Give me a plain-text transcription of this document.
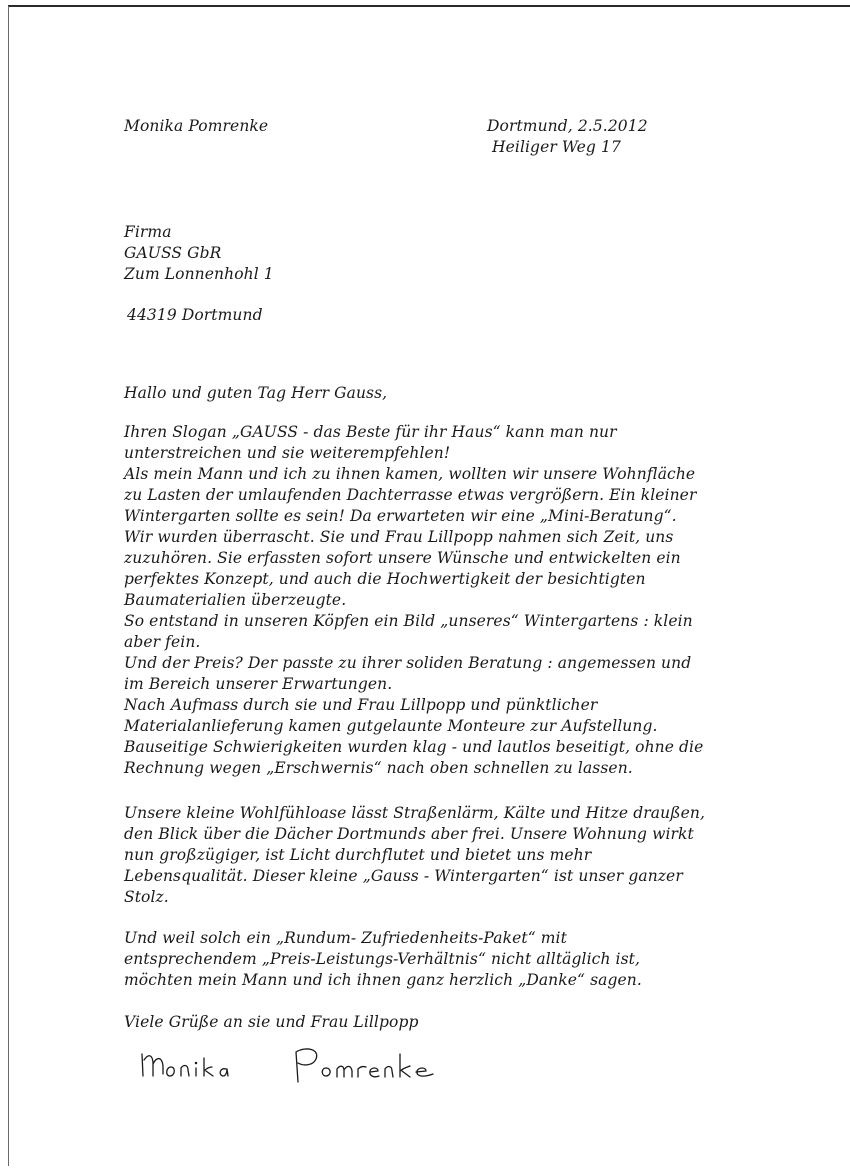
Monika Pomrenke	Dortmund, 2.5.2012
Heiliger Weg 17
Firma
GAUSS GbR
Zum Lonnenhohl 1
44319 Dortmund
Hallo und guten Tag Herr Gauss,
Ihren Slogan „GAUSS - das Beste für ihr Haus“ kann man nur
unterstreichen und sie weiterempfehlen!
Als mein Mann und ich zu ihnen kamen, wollten wir unsere Wohnfläche
zu Lasten der umlaufenden Dachterrasse etwas vergrößern. Ein kleiner
Wintergarten sollte es sein! Da erwarteten wir eine „Mini-Beratung“.
Wir wurden überrascht. Sie und Frau Lillpopp nahmen sich Zeit, uns
zuzuhören. Sie erfassten sofort unsere Wünsche und entwickelten ein
perfektes Konzept, und auch die Hochwertigkeit der besichtigten
Baumaterialien überzeugte.
So entstand in unseren Köpfen ein Bild „unseres“ Wintergartens : klein
aber fein.
Und der Preis? Der passte zu ihrer soliden Beratung : angemessen und
im Bereich unserer Erwartungen.
Nach Aufmass durch sie und Frau Lillpopp und pünktlicher
Materialanlieferung kamen gutgelaunte Monteure zur Aufstellung.
Bauseitige Schwierigkeiten wurden klag - und lautlos beseitigt, ohne die
Rechnung wegen „Erschwernis“ nach oben schnellen zu lassen.
Unsere kleine Wohlfühloase lässt Straßenlärm, Kälte und Hitze draußen,
den Blick über die Dächer Dortmunds aber frei. Unsere Wohnung wirkt
nun großzügiger, ist Licht durchflutet und bietet uns mehr
Lebensqualität. Dieser kleine „Gauss - Wintergarten“ ist unser ganzer
Stolz.
Und weil solch ein „Rundum- Zufriedenheits-Paket“ mit
entsprechendem „Preis-Leistungs-Verhältnis“ nicht alltäglich ist,
möchten mein Mann und ich ihnen ganz herzlich „Danke“ sagen.
Viele Grüße an sie und Frau Lillpopp
